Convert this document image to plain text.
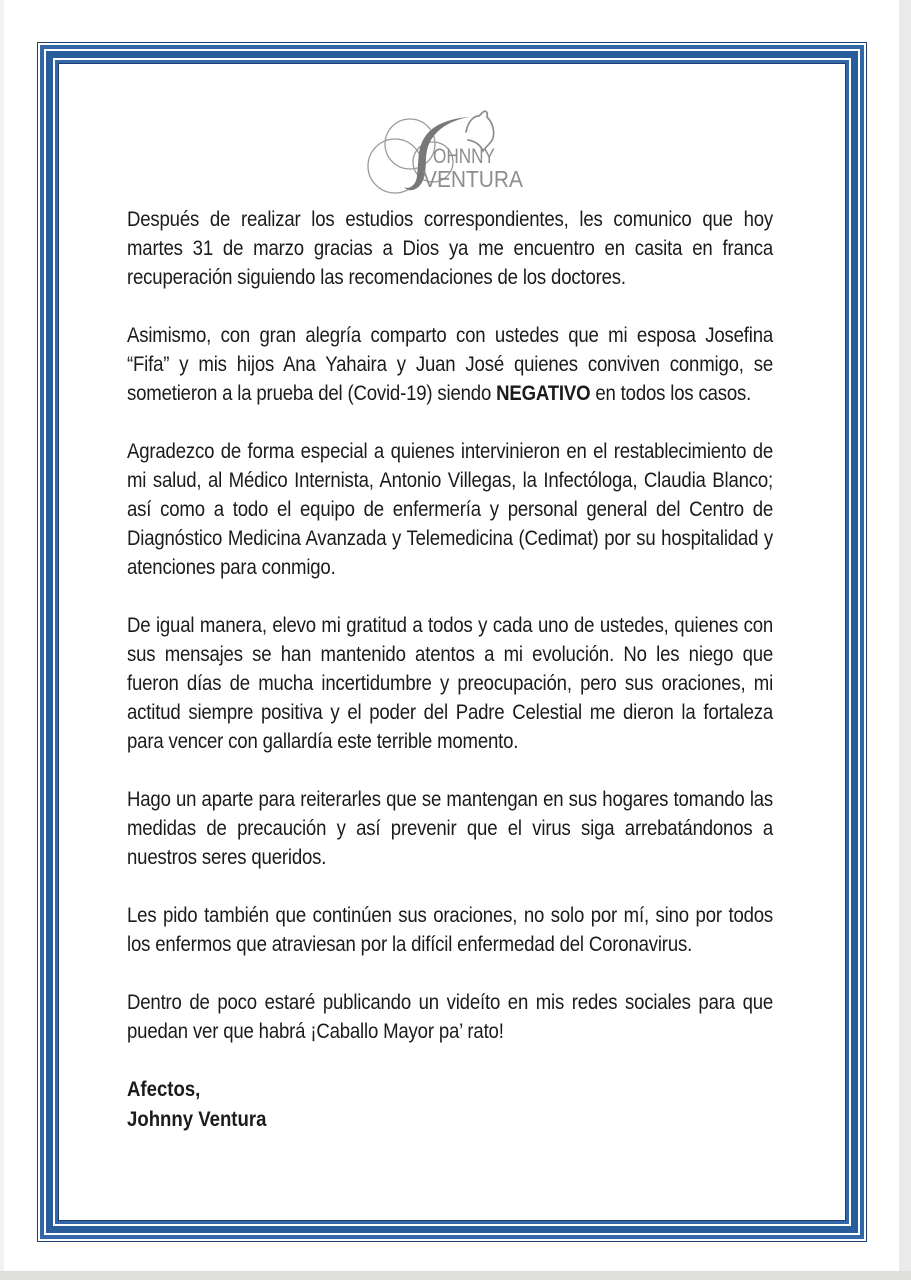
OHNNY
VENTURA

Después de realizar los estudios correspondientes, les comunico que hoy martes 31 de marzo gracias a Dios ya me encuentro en casita en franca recuperación siguiendo las recomendaciones de los doctores.

Asimismo, con gran alegría comparto con ustedes que mi esposa Josefina “Fifa” y mis hijos Ana Yahaira y Juan José quienes conviven conmigo, se sometieron a la prueba del (Covid-19) siendo NEGATIVO en todos los casos.

Agradezco de forma especial a quienes intervinieron en el restablecimiento de mi salud, al Médico Internista, Antonio Villegas, la Infectóloga, Claudia Blanco; así como a todo el equipo de enfermería y personal general del Centro de Diagnóstico Medicina Avanzada y Telemedicina (Cedimat) por su hospitalidad y atenciones para conmigo.

De igual manera, elevo mi gratitud a todos y cada uno de ustedes, quienes con sus mensajes se han mantenido atentos a mi evolución. No les niego que fueron días de mucha incertidumbre y preocupación, pero sus oraciones, mi actitud siempre positiva y el poder del Padre Celestial me dieron la fortaleza para vencer con gallardía este terrible momento.

Hago un aparte para reiterarles que se mantengan en sus hogares tomando las medidas de precaución y así prevenir que el virus siga arrebatándonos a nuestros seres queridos.

Les pido también que continúen sus oraciones, no solo por mí, sino por todos los enfermos que atraviesan por la difícil enfermedad del Coronavirus.

Dentro de poco estaré publicando un videíto en mis redes sociales para que puedan ver que habrá ¡Caballo Mayor pa’ rato!

Afectos,
Johnny Ventura
